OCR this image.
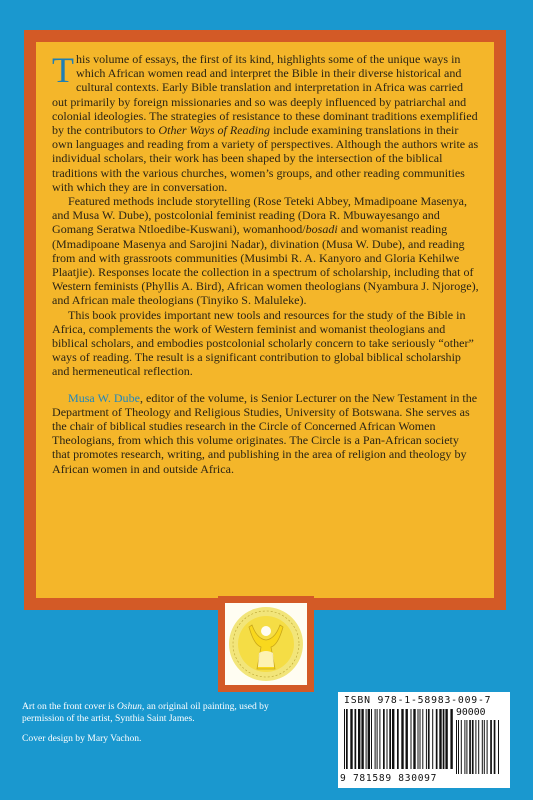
This volume of essays, the first of its kind, highlights some of the unique ways in which African women read and interpret the Bible in their diverse historical and cultural contexts. Early Bible translation and interpretation in Africa was carried out primarily by foreign missionaries and so was deeply influenced by patriarchal and colonial ideologies. The strategies of resistance to these dominant traditions exemplified by the contributors to Other Ways of Reading include examining translations in their own languages and reading from a variety of perspectives. Although the authors write as individual scholars, their work has been shaped by the intersection of the biblical traditions with the various churches, women’s groups, and other reading communities with which they are in conversation.

Featured methods include storytelling (Rose Teteki Abbey, Mmadipoane Masenya, and Musa W. Dube), postcolonial feminist reading (Dora R. Mbuwayesango and Gomang Seratwa Ntloedibe-Kuswani), womanhood/bosadi and womanist reading (Mmadipoane Masenya and Sarojini Nadar), divination (Musa W. Dube), and reading from and with grassroots communities (Musimbi R. A. Kanyoro and Gloria Kehilwe Plaatjie). Responses locate the collection in a spectrum of scholarship, including that of Western feminists (Phyllis A. Bird), African women theologians (Nyambura J. Njoroge), and African male theologians (Tinyiko S. Maluleke).

This book provides important new tools and resources for the study of the Bible in Africa, complements the work of Western feminist and womanist theologians and biblical scholars, and embodies postcolonial scholarly concern to take seriously “other” ways of reading. The result is a significant contribution to global biblical scholarship and hermeneutical reflection.

Musa W. Dube, editor of the volume, is Senior Lecturer on the New Testament in the Department of Theology and Religious Studies, University of Botswana. She serves as the chair of biblical studies research in the Circle of Concerned African Women Theologians, from which this volume originates. The Circle is a Pan-African society that promotes research, writing, and publishing in the area of religion and theology by African women in and outside Africa.

Art on the front cover is Oshun, an original oil painting, used by permission of the artist, Synthia Saint James.

Cover design by Mary Vachon.

ISBN 978-1-58983-009-7
90000
9 781589 830097
